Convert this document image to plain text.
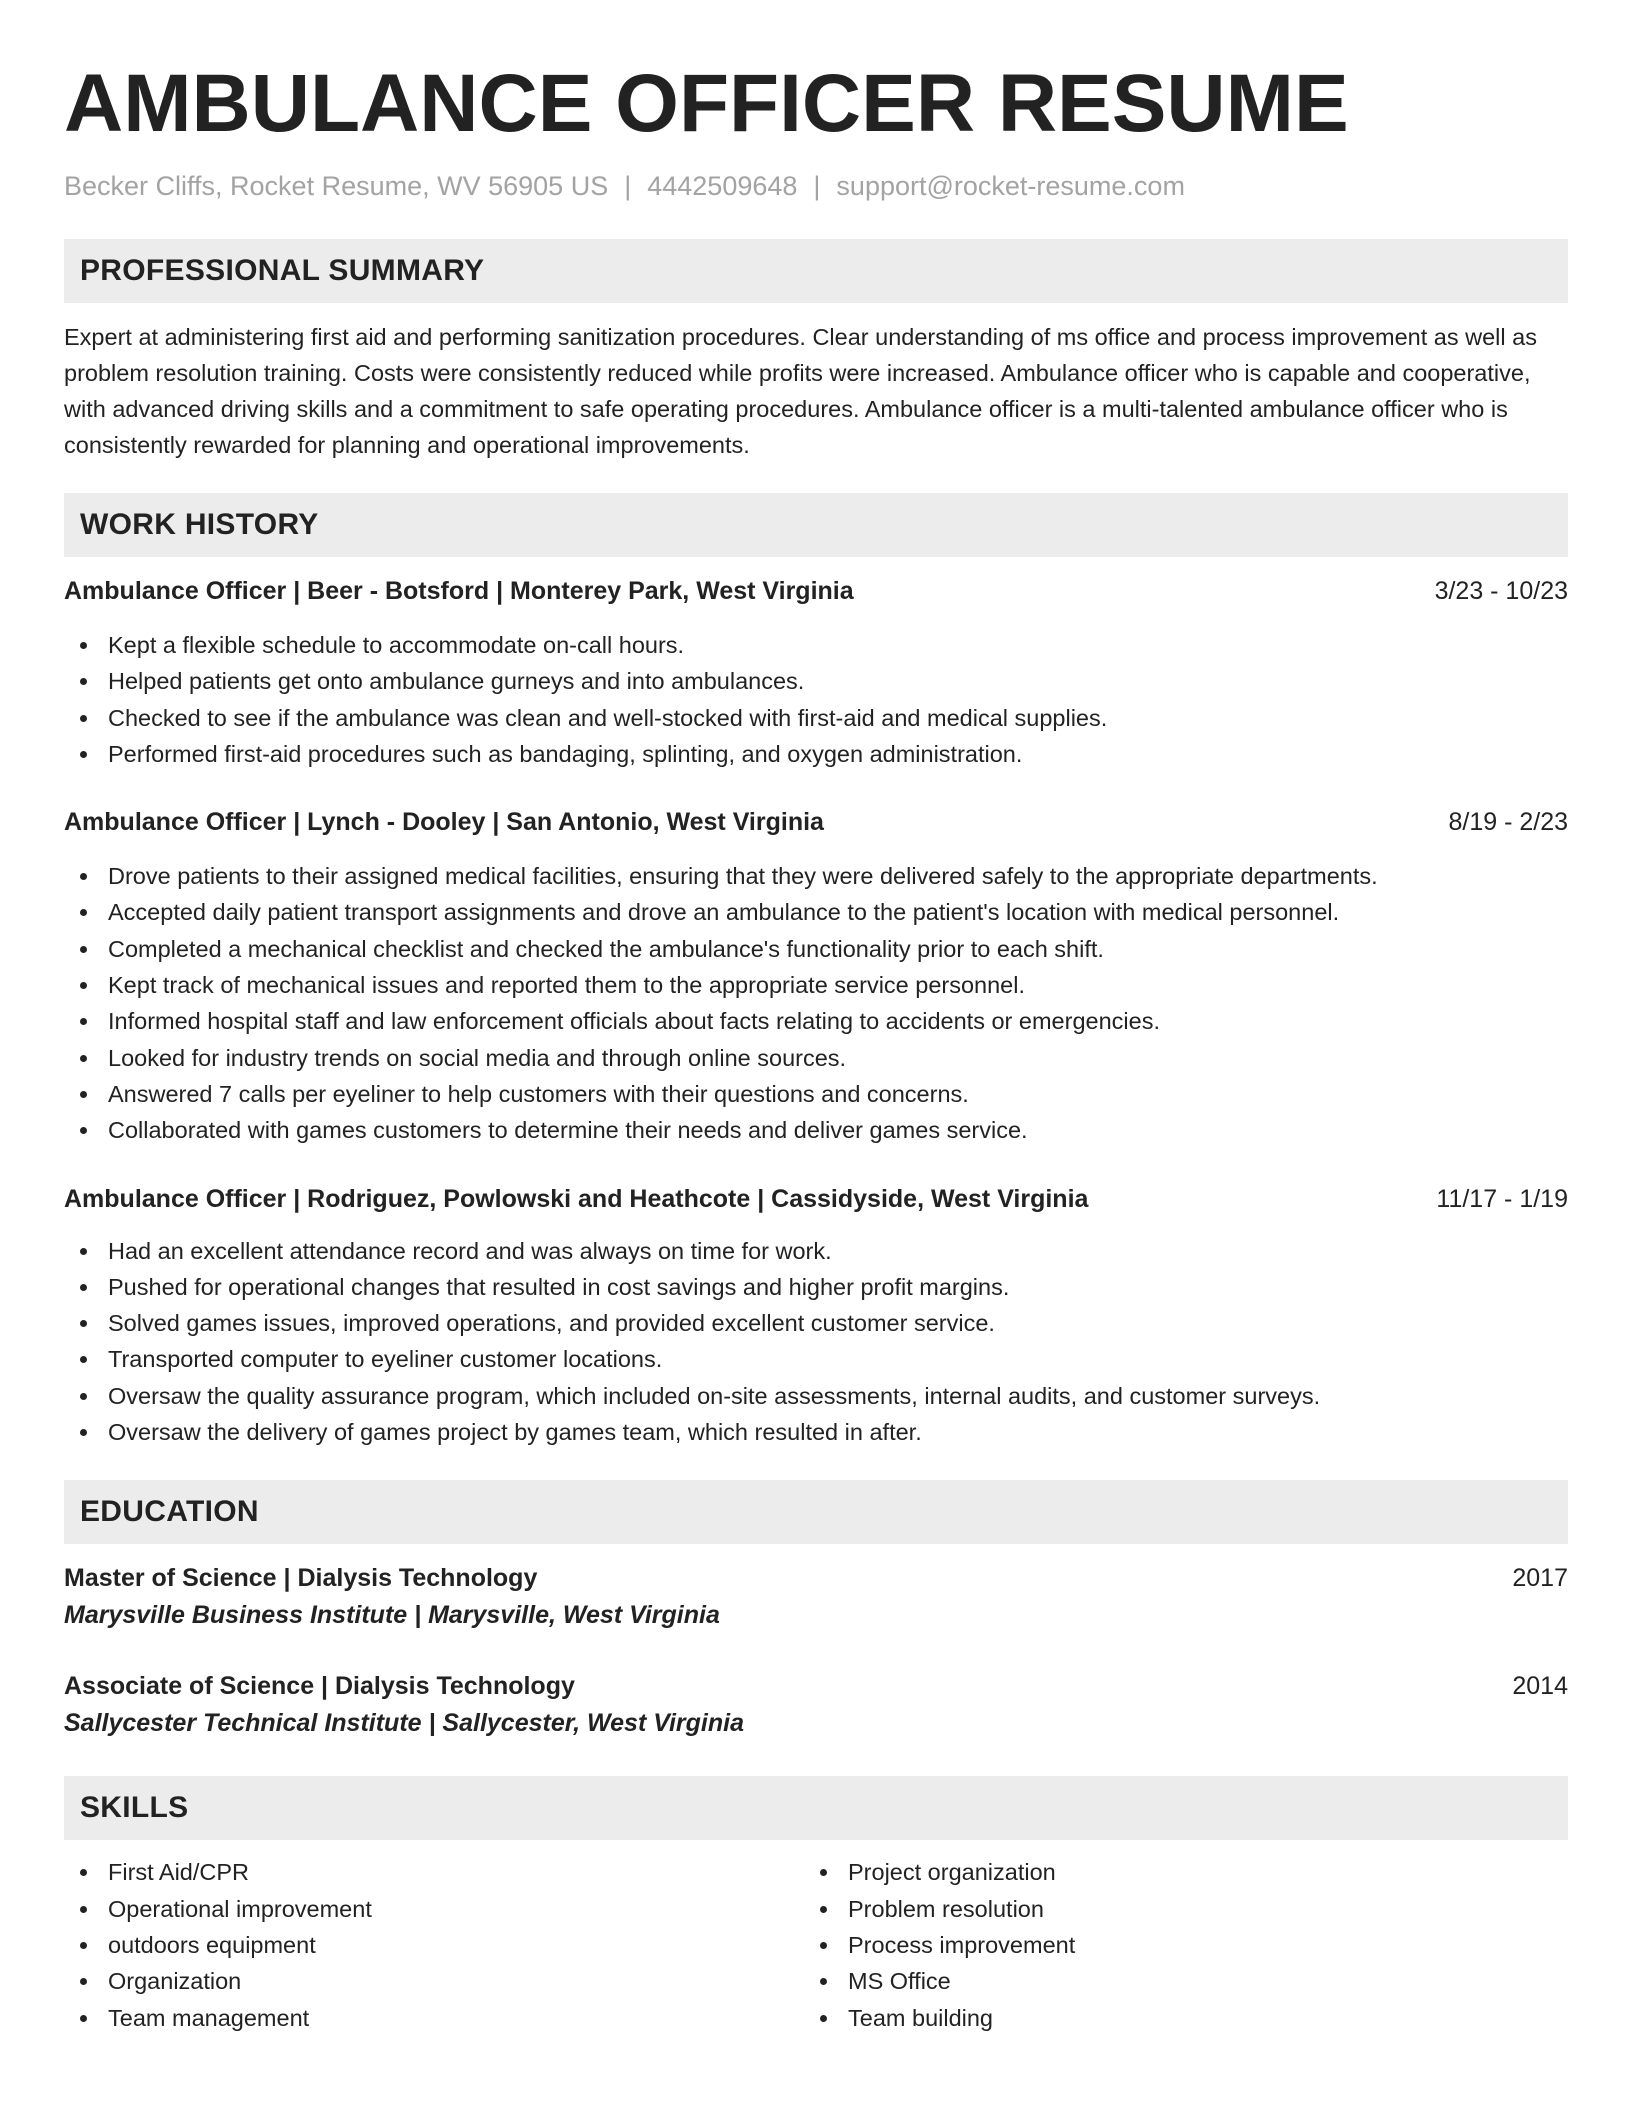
AMBULANCE OFFICER RESUME
Becker Cliffs, Rocket Resume, WV 56905 US | 4442509648 | support@rocket-resume.com
PROFESSIONAL SUMMARY
Expert at administering first aid and performing sanitization procedures. Clear understanding of ms office and process improvement as well as problem resolution training. Costs were consistently reduced while profits were increased. Ambulance officer who is capable and cooperative, with advanced driving skills and a commitment to safe operating procedures. Ambulance officer is a multi-talented ambulance officer who is consistently rewarded for planning and operational improvements.
WORK HISTORY
Ambulance Officer | Beer - Botsford | Monterey Park, West Virginia	3/23 - 10/23
Kept a flexible schedule to accommodate on-call hours.
Helped patients get onto ambulance gurneys and into ambulances.
Checked to see if the ambulance was clean and well-stocked with first-aid and medical supplies.
Performed first-aid procedures such as bandaging, splinting, and oxygen administration.
Ambulance Officer | Lynch - Dooley | San Antonio, West Virginia	8/19 - 2/23
Drove patients to their assigned medical facilities, ensuring that they were delivered safely to the appropriate departments.
Accepted daily patient transport assignments and drove an ambulance to the patient's location with medical personnel.
Completed a mechanical checklist and checked the ambulance's functionality prior to each shift.
Kept track of mechanical issues and reported them to the appropriate service personnel.
Informed hospital staff and law enforcement officials about facts relating to accidents or emergencies.
Looked for industry trends on social media and through online sources.
Answered 7 calls per eyeliner to help customers with their questions and concerns.
Collaborated with games customers to determine their needs and deliver games service.
Ambulance Officer | Rodriguez, Powlowski and Heathcote | Cassidyside, West Virginia	11/17 - 1/19
Had an excellent attendance record and was always on time for work.
Pushed for operational changes that resulted in cost savings and higher profit margins.
Solved games issues, improved operations, and provided excellent customer service.
Transported computer to eyeliner customer locations.
Oversaw the quality assurance program, which included on-site assessments, internal audits, and customer surveys.
Oversaw the delivery of games project by games team, which resulted in after.
EDUCATION
Master of Science | Dialysis Technology	2017
Marysville Business Institute | Marysville, West Virginia
Associate of Science | Dialysis Technology	2014
Sallycester Technical Institute | Sallycester, West Virginia
SKILLS
First Aid/CPR
Operational improvement
outdoors equipment
Organization
Team management
Project organization
Problem resolution
Process improvement
MS Office
Team building
